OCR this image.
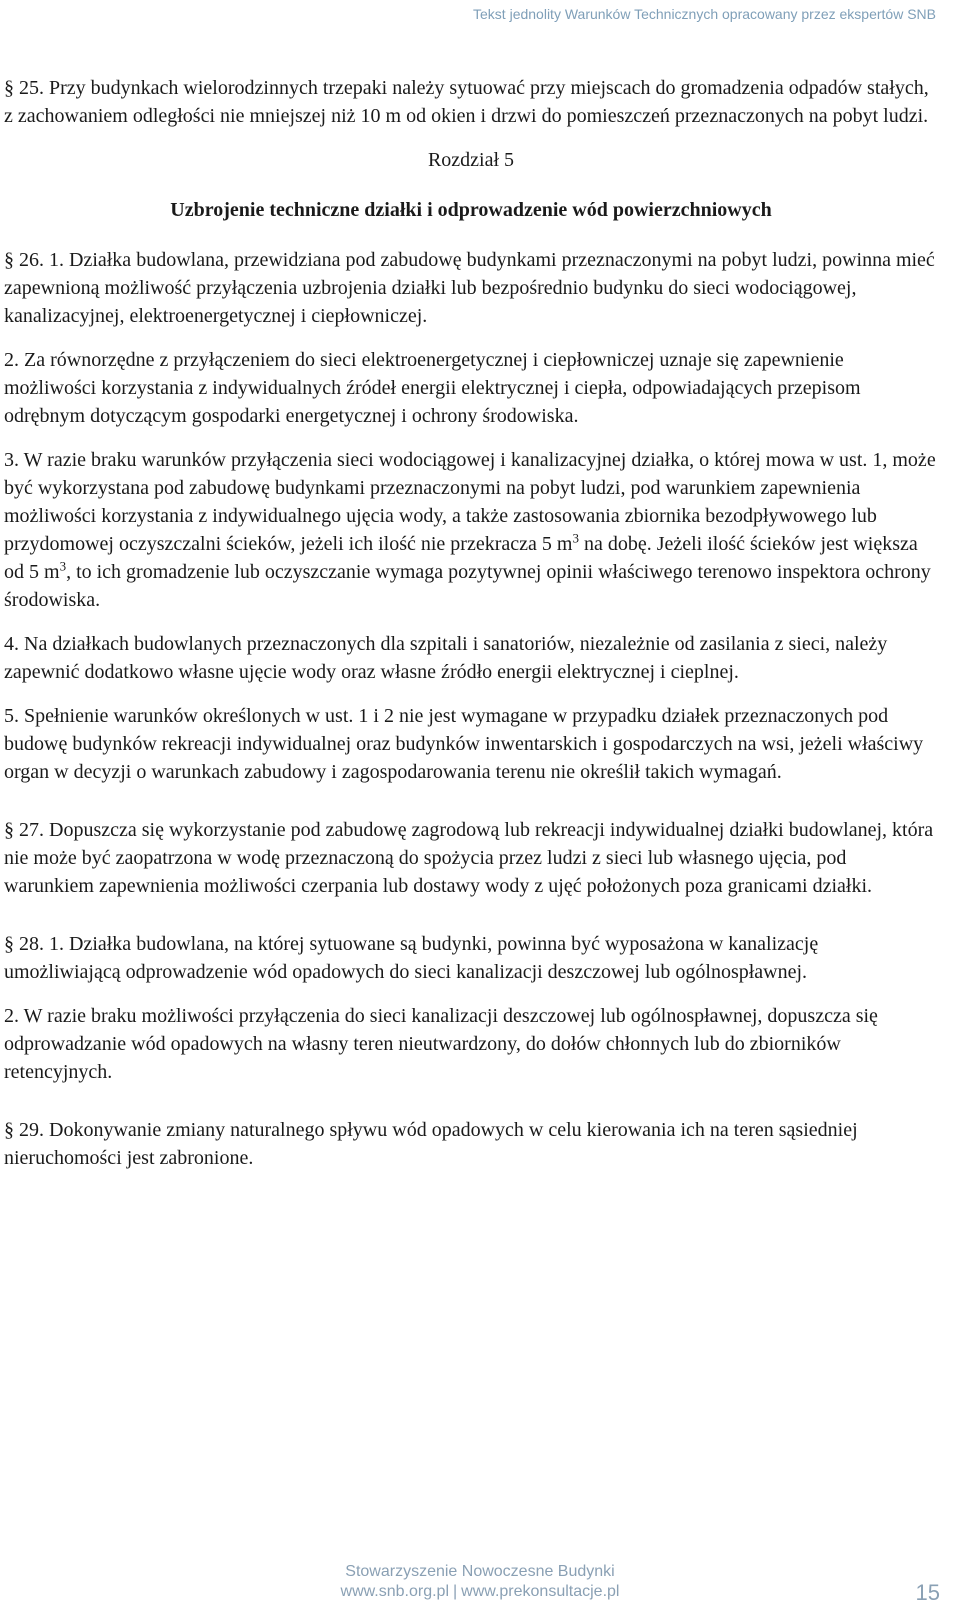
Tekst jednolity Warunków Technicznych opracowany przez ekspertów SNB

§ 25. Przy budynkach wielorodzinnych trzepaki należy sytuować przy miejscach do gromadzenia odpadów stałych, z zachowaniem odległości nie mniejszej niż 10 m od okien i drzwi do pomieszczeń przeznaczonych na pobyt ludzi.

Rozdział 5
Uzbrojenie techniczne działki i odprowadzenie wód powierzchniowych

§ 26. 1. Działka budowlana, przewidziana pod zabudowę budynkami przeznaczonymi na pobyt ludzi, powinna mieć zapewnioną możliwość przyłączenia uzbrojenia działki lub bezpośrednio budynku do sieci wodociągowej, kanalizacyjnej, elektroenergetycznej i ciepłowniczej.

2. Za równorzędne z przyłączeniem do sieci elektroenergetycznej i ciepłowniczej uznaje się zapewnienie możliwości korzystania z indywidualnych źródeł energii elektrycznej i ciepła, odpowiadających przepisom odrębnym dotyczącym gospodarki energetycznej i ochrony środowiska.

3. W razie braku warunków przyłączenia sieci wodociągowej i kanalizacyjnej działka, o której mowa w ust. 1, może być wykorzystana pod zabudowę budynkami przeznaczonymi na pobyt ludzi, pod warunkiem zapewnienia możliwości korzystania z indywidualnego ujęcia wody, a także zastosowania zbiornika bezodpływowego lub przydomowej oczyszczalni ścieków, jeżeli ich ilość nie przekracza 5 $m^3$ na dobę. Jeżeli ilość ścieków jest większa od 5 $m^3$, to ich gromadzenie lub oczyszczanie wymaga pozytywnej opinii właściwego terenowo inspektora ochrony środowiska.

4. Na działkach budowlanych przeznaczonych dla szpitali i sanatoriów, niezależnie od zasilania z sieci, należy zapewnić dodatkowo własne ujęcie wody oraz własne źródło energii elektrycznej i cieplnej.

5. Spełnienie warunków określonych w ust. 1 i 2 nie jest wymagane w przypadku działek przeznaczonych pod budowę budynków rekreacji indywidualnej oraz budynków inwentarskich i gospodarczych na wsi, jeżeli właściwy organ w decyzji o warunkach zabudowy i zagospodarowania terenu nie określił takich wymagań.

§ 27. Dopuszcza się wykorzystanie pod zabudowę zagrodową lub rekreacji indywidualnej działki budowlanej, która nie może być zaopatrzona w wodę przeznaczoną do spożycia przez ludzi z sieci lub własnego ujęcia, pod warunkiem zapewnienia możliwości czerpania lub dostawy wody z ujęć położonych poza granicami działki.

§ 28. 1. Działka budowlana, na której sytuowane są budynki, powinna być wyposażona w kanalizację umożliwiającą odprowadzenie wód opadowych do sieci kanalizacji deszczowej lub ogólnospławnej.

2. W razie braku możliwości przyłączenia do sieci kanalizacji deszczowej lub ogólnospławnej, dopuszcza się odprowadzanie wód opadowych na własny teren nieutwardzony, do dołów chłonnych lub do zbiorników retencyjnych.

§ 29. Dokonywanie zmiany naturalnego spływu wód opadowych w celu kierowania ich na teren sąsiedniej nieruchomości jest zabronione.

Stowarzyszenie Nowoczesne Budynki
www.snb.org.pl | www.prekonsultacje.pl	15
